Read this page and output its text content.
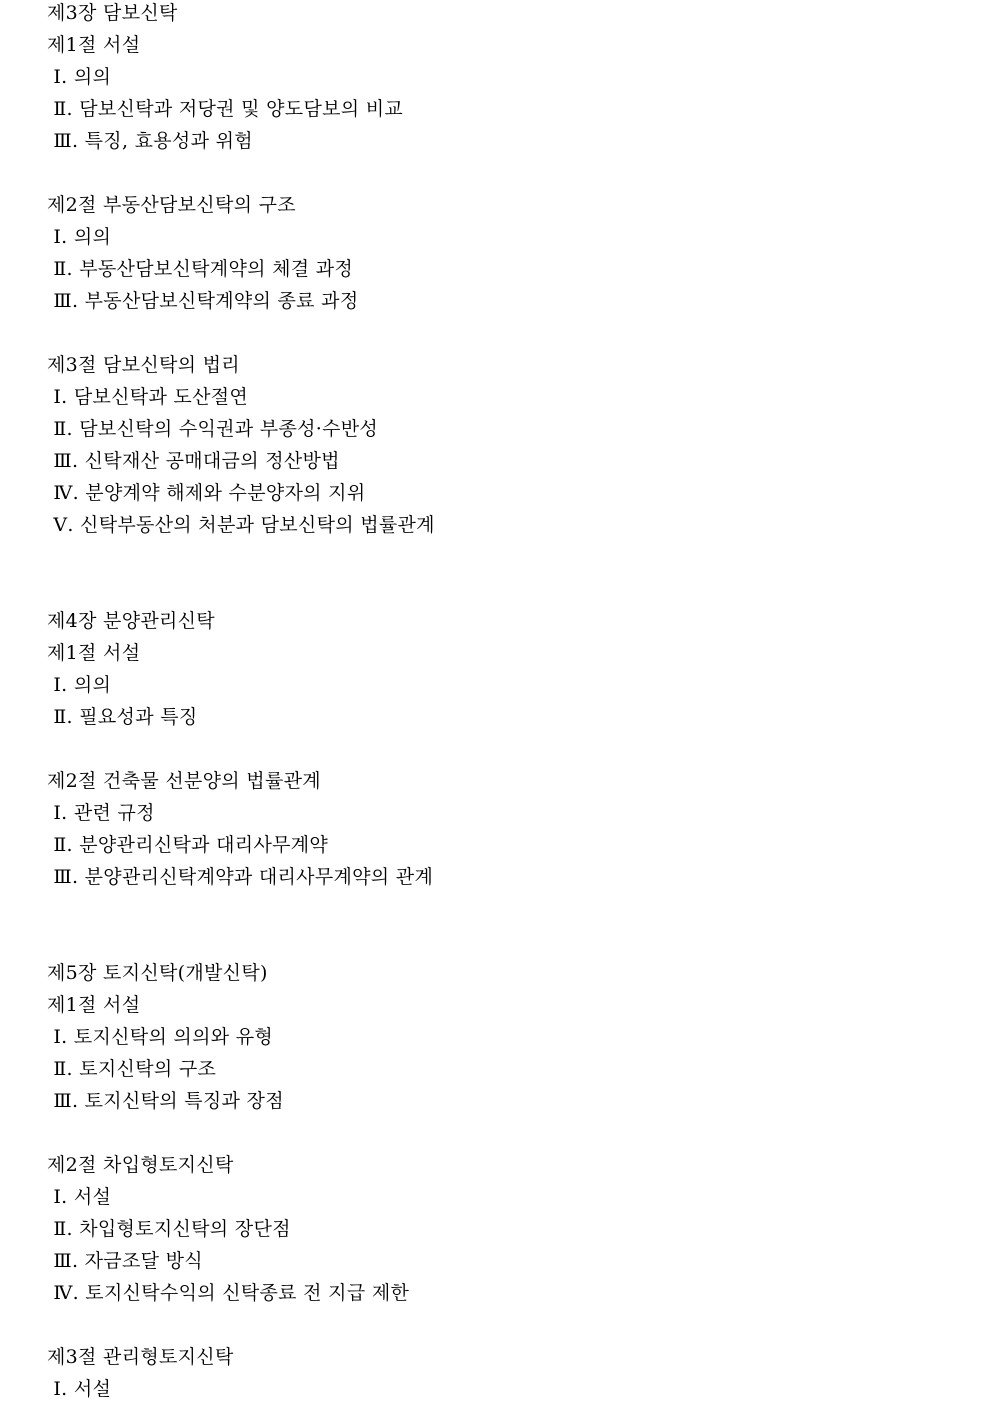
제3장 담보신탁
제1절 서설
Ⅰ. 의의
Ⅱ. 담보신탁과 저당권 및 양도담보의 비교
Ⅲ. 특징, 효용성과 위험
제2절 부동산담보신탁의 구조
Ⅰ. 의의
Ⅱ. 부동산담보신탁계약의 체결 과정
Ⅲ. 부동산담보신탁계약의 종료 과정
제3절 담보신탁의 법리
Ⅰ. 담보신탁과 도산절연
Ⅱ. 담보신탁의 수익권과 부종성·수반성
Ⅲ. 신탁재산 공매대금의 정산방법
Ⅳ. 분양계약 해제와 수분양자의 지위
Ⅴ. 신탁부동산의 처분과 담보신탁의 법률관계
제4장 분양관리신탁
제1절 서설
Ⅰ. 의의
Ⅱ. 필요성과 특징
제2절 건축물 선분양의 법률관계
Ⅰ. 관련 규정
Ⅱ. 분양관리신탁과 대리사무계약
Ⅲ. 분양관리신탁계약과 대리사무계약의 관계
제5장 토지신탁(개발신탁)
제1절 서설
Ⅰ. 토지신탁의 의의와 유형
Ⅱ. 토지신탁의 구조
Ⅲ. 토지신탁의 특징과 장점
제2절 차입형토지신탁
Ⅰ. 서설
Ⅱ. 차입형토지신탁의 장단점
Ⅲ. 자금조달 방식
Ⅳ. 토지신탁수익의 신탁종료 전 지급 제한
제3절 관리형토지신탁
Ⅰ. 서설
